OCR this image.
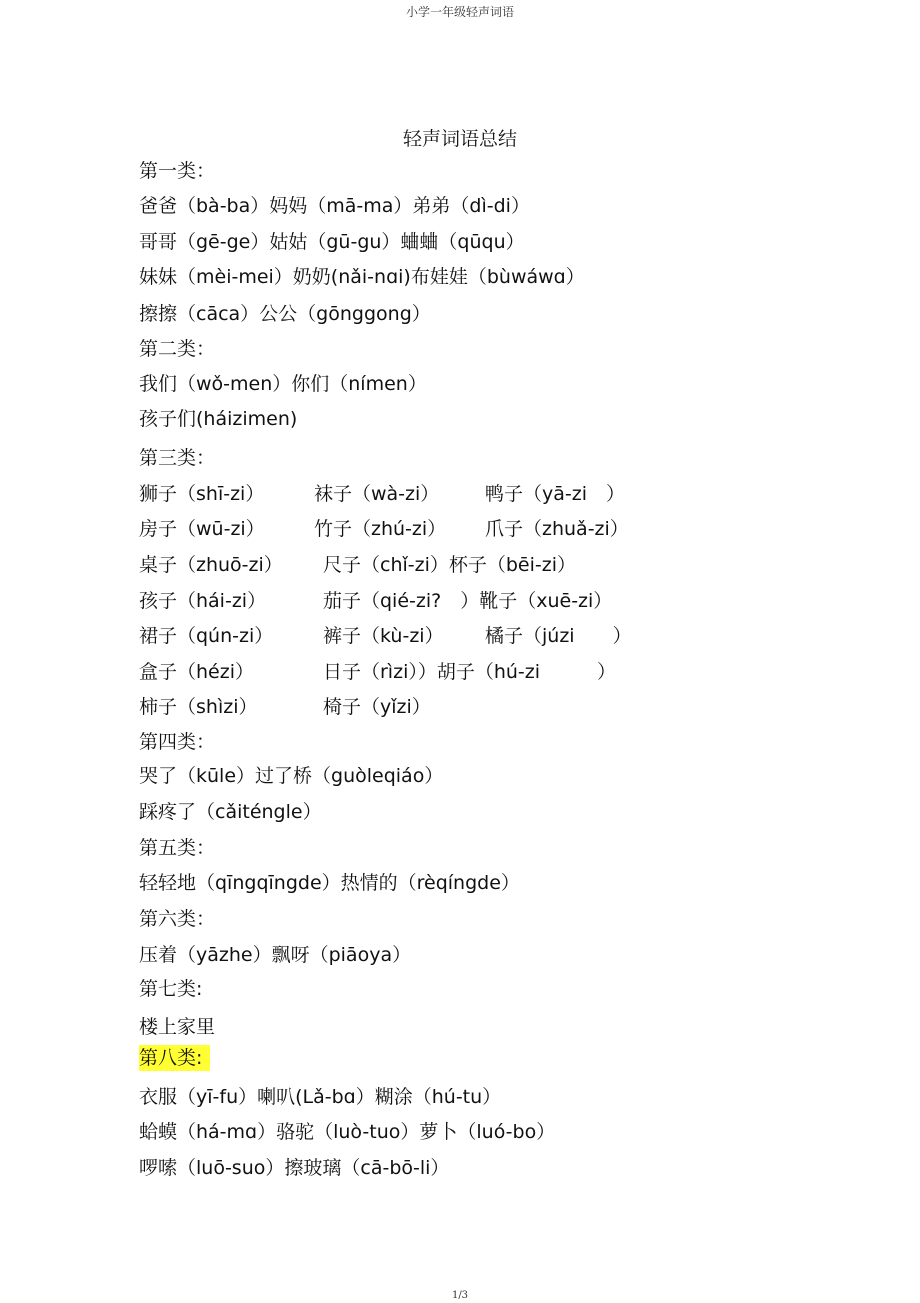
小学一年级轻声词语
轻声词语总结
第一类：
爸爸（bà-ba）妈妈（mā-ma）弟弟（dì-di）
哥哥（gē-ge）姑姑（gū-gu）蛐蛐（qūqu）
妹妹（mèi-mei）奶奶(nǎi-nɑi)布娃娃（bùwáwɑ）
擦擦（cāca）公公（gōnggong）
第二类：
我们（wǒ-men）你们（nímen）
孩子们(háizimen)
第三类：
狮子（shī-zi）	袜子（wà-zi） 鸭子（yā-zi　）
房子（wū-zi）	竹子（zhú-zi） 爪子（zhuǎ-zi）
桌子（zhuō-zi） 尺子（chǐ-zi）杯子（bēi-zi）
孩子（hái-zi）	茄子（qié-zi?　）靴子（xuē-zi）
裙子（qún-zi）	裤子（kù-zi） 橘子（júzi　　）
盒子（hézi）	日子（rìzi））胡子（hú-zi　　　）
柿子（shìzi）	椅子（yǐzi）
第四类：
哭了（kūle）过了桥（guòleqiáo）
踩疼了（cǎiténgle）
第五类：
轻轻地（qīngqīngde）热情的（rèqíngde）
第六类：
压着（yāzhe）飘呀（piāoya）
第七类:
楼上家里
第八类:
衣服（yī-fu）喇叭(Lǎ-bɑ）糊涂（hú-tu）
蛤蟆（há-mɑ）骆驼（luò-tuo）萝卜（luó-bo）
啰嗦（luō-suo）擦玻璃（cā-bō-li）
1/3
